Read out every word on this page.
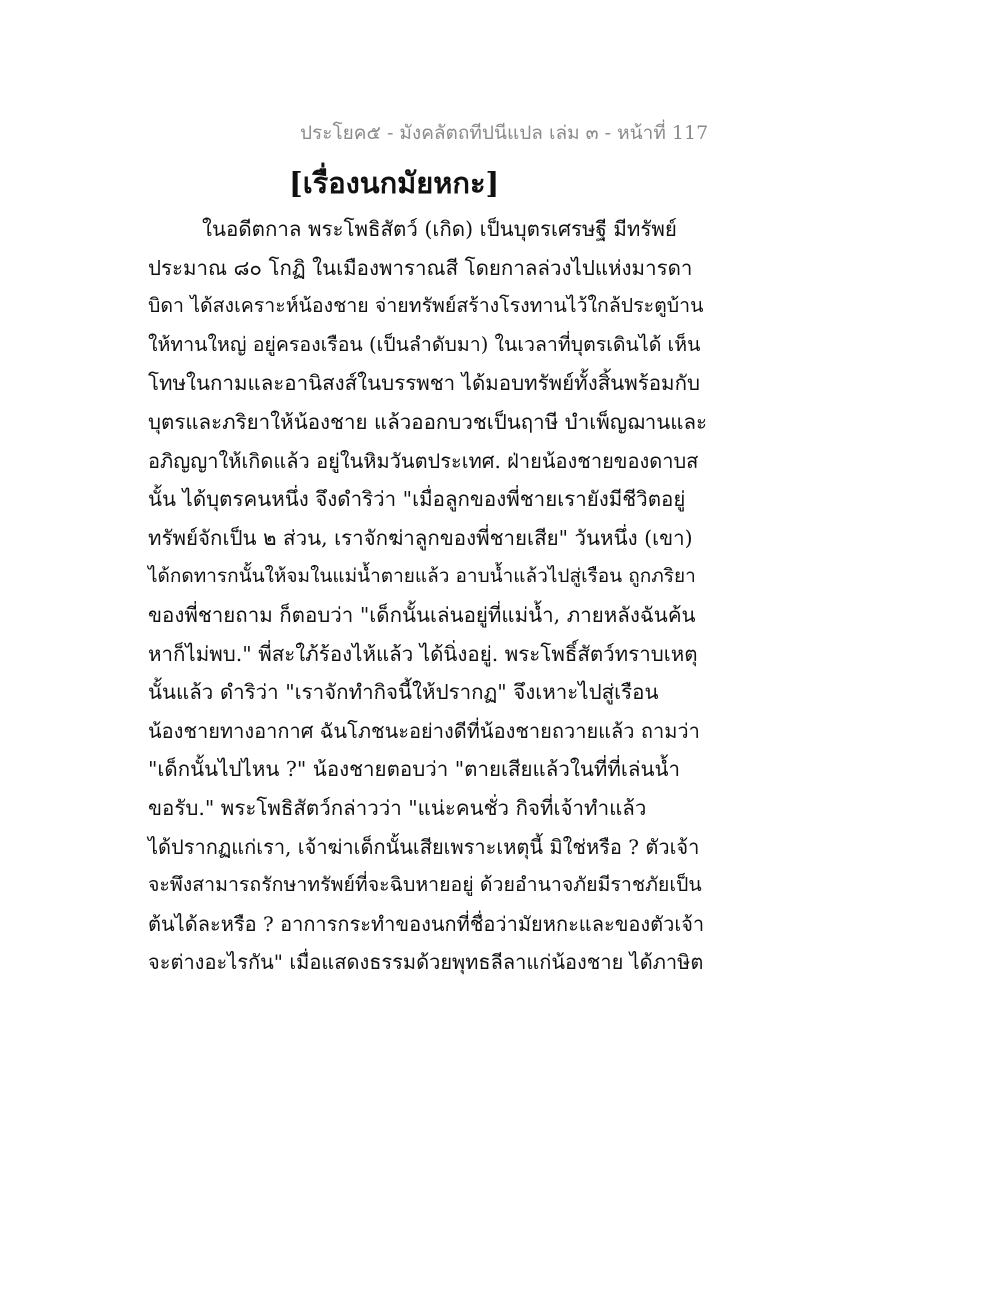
ประโยค๕ - มังคลัตถทีปนีแปล เล่ม ๓ - หน้าที่ 117
[เรื่องนกมัยหกะ]
ในอดีตกาล พระโพธิสัตว์ (เกิด) เป็นบุตรเศรษฐี มีทรัพย์
ประมาณ ๘๐ โกฏิ ในเมืองพาราณสี โดยกาลล่วงไปแห่งมารดา
บิดา ได้สงเคราะห์น้องชาย จ่ายทรัพย์สร้างโรงทานไว้ใกล้ประตูบ้าน
ให้ทานใหญ่ อยู่ครองเรือน (เป็นลำดับมา) ในเวลาที่บุตรเดินได้ เห็น
โทษในกามและอานิสงส์ในบรรพชา ได้มอบทรัพย์ทั้งสิ้นพร้อมกับ
บุตรและภริยาให้น้องชาย แล้วออกบวชเป็นฤาษี บำเพ็ญฌานและ
อภิญญาให้เกิดแล้ว อยู่ในหิมวันตประเทศ. ฝ่ายน้องชายของดาบส
นั้น ได้บุตรคนหนึ่ง จึงดำริว่า "เมื่อลูกของพี่ชายเรายังมีชีวิตอยู่
ทรัพย์จักเป็น ๒ ส่วน, เราจักฆ่าลูกของพี่ชายเสีย" วันหนึ่ง (เขา)
ได้กดทารกนั้นให้จมในแม่น้ำตายแล้ว อาบน้ำแล้วไปสู่เรือน ถูกภริยา
ของพี่ชายถาม ก็ตอบว่า "เด็กนั้นเล่นอยู่ที่แม่น้ำ, ภายหลังฉันค้น
หาก็ไม่พบ." พี่สะใภ้ร้องไห้แล้ว ได้นิ่งอยู่. พระโพธิ์สัตว์ทราบเหตุ
นั้นแล้ว ดำริว่า "เราจักทำกิจนี้ให้ปรากฏ" จึงเหาะไปสู่เรือน
น้องชายทางอากาศ ฉันโภชนะอย่างดีที่น้องชายถวายแล้ว ถามว่า
"เด็กนั้นไปไหน ?" น้องชายตอบว่า "ตายเสียแล้วในที่ที่เล่นน้ำ
ขอรับ." พระโพธิสัตว์กล่าวว่า "แน่ะคนชั่ว กิจที่เจ้าทำแล้ว
ได้ปรากฏแก่เรา, เจ้าฆ่าเด็กนั้นเสียเพราะเหตุนี้ มิใช่หรือ ? ตัวเจ้า
จะพึงสามารถรักษาทรัพย์ที่จะฉิบหายอยู่ ด้วยอำนาจภัยมีราชภัยเป็น
ต้นได้ละหรือ ? อาการกระทำของนกที่ชื่อว่ามัยหกะและของตัวเจ้า
จะต่างอะไรกัน" เมื่อแสดงธรรมด้วยพุทธลีลาแก่น้องชาย ได้ภาษิต
